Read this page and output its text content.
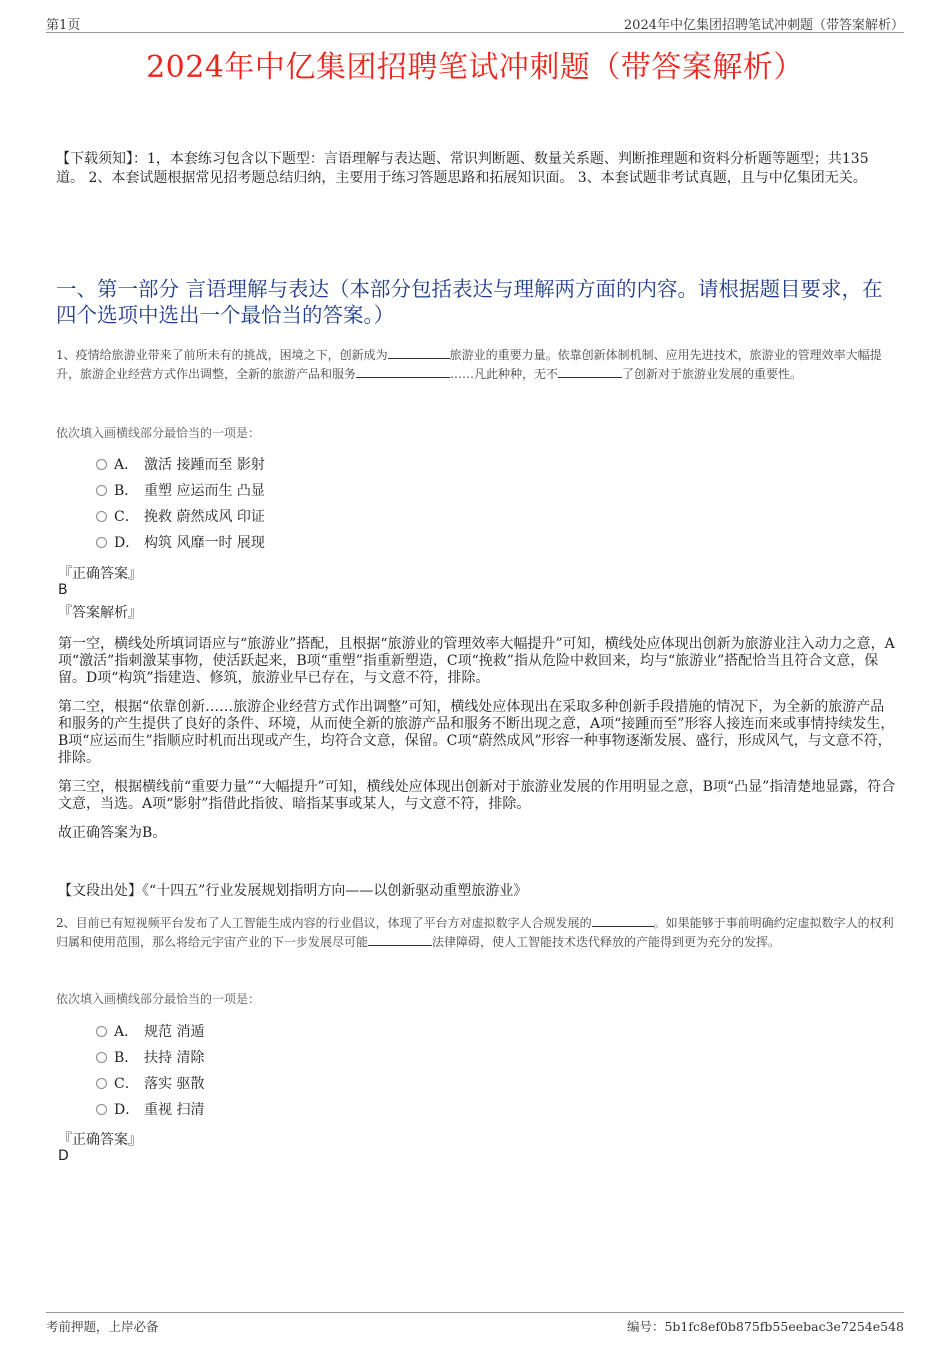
第1页	2024年中亿集团招聘笔试冲刺题（带答案解析）
2024年中亿集团招聘笔试冲刺题（带答案解析）
【下载须知】：1，本套练习包含以下题型：言语理解与表达题、常识判断题、数量关系题、判断推理题和资料分析题等题型；共135道。 2、本套试题根据常见招考题总结归纳，主要用于练习答题思路和拓展知识面。 3、本套试题非考试真题，且与中亿集团无关。
一、第一部分 言语理解与表达（本部分包括表达与理解两方面的内容。请根据题目要求，在四个选项中选出一个最恰当的答案。）
1、疫情给旅游业带来了前所未有的挑战，困境之下，创新成为	旅游业的重要力量。依靠创新体制机制、应用先进技术，旅游业的管理效率大幅提升，旅游企业经营方式作出调整，全新的旅游产品和服务	……凡此种种，无不	了创新对于旅游业发展的重要性。
依次填入画横线部分最恰当的一项是：
A． 激活 接踵而至 影射
B． 重塑 应运而生 凸显
C． 挽救 蔚然成风 印证
D． 构筑 风靡一时 展现
『正确答案』
B
『答案解析』

第一空，横线处所填词语应与“旅游业”搭配，且根据“旅游业的管理效率大幅提升”可知，横线处应体现出创新为旅游业注入动力之意，A项“激活”指刺激某事物，使活跃起来，B项“重塑”指重新塑造，C项“挽救”指从危险中救回来，均与“旅游业”搭配恰当且符合文意，保留。D项“构筑”指建造、修筑，旅游业早已存在，与文意不符，排除。

第二空，根据“依靠创新……旅游企业经营方式作出调整”可知，横线处应体现出在采取多种创新手段措施的情况下，为全新的旅游产品和服务的产生提供了良好的条件、环境，从而使全新的旅游产品和服务不断出现之意，A项“接踵而至”形容人接连而来或事情持续发生，B项“应运而生”指顺应时机而出现或产生，均符合文意，保留。C项“蔚然成风”形容一种事物逐渐发展、盛行，形成风气，与文意不符，排除。

第三空，根据横线前“重要力量”“大幅提升”可知，横线处应体现出创新对于旅游业发展的作用明显之意，B项“凸显”指清楚地显露，符合文意，当选。A项“影射”指借此指彼、暗指某事或某人，与文意不符，排除。

故正确答案为B。

【文段出处】《“十四五”行业发展规划指明方向——以创新驱动重塑旅游业》
2、目前已有短视频平台发布了人工智能生成内容的行业倡议，体现了平台方对虚拟数字人合规发展的	。如果能够于事前明确约定虚拟数字人的权利归属和使用范围，那么将给元宇宙产业的下一步发展尽可能	法律障碍，使人工智能技术迭代释放的产能得到更为充分的发挥。
依次填入画横线部分最恰当的一项是：
A． 规范 消遁
B． 扶持 清除
C． 落实 驱散
D． 重视 扫清
『正确答案』
D
考前押题，上岸必备	编号：5b1fc8ef0b875fb55eebac3e7254e548
